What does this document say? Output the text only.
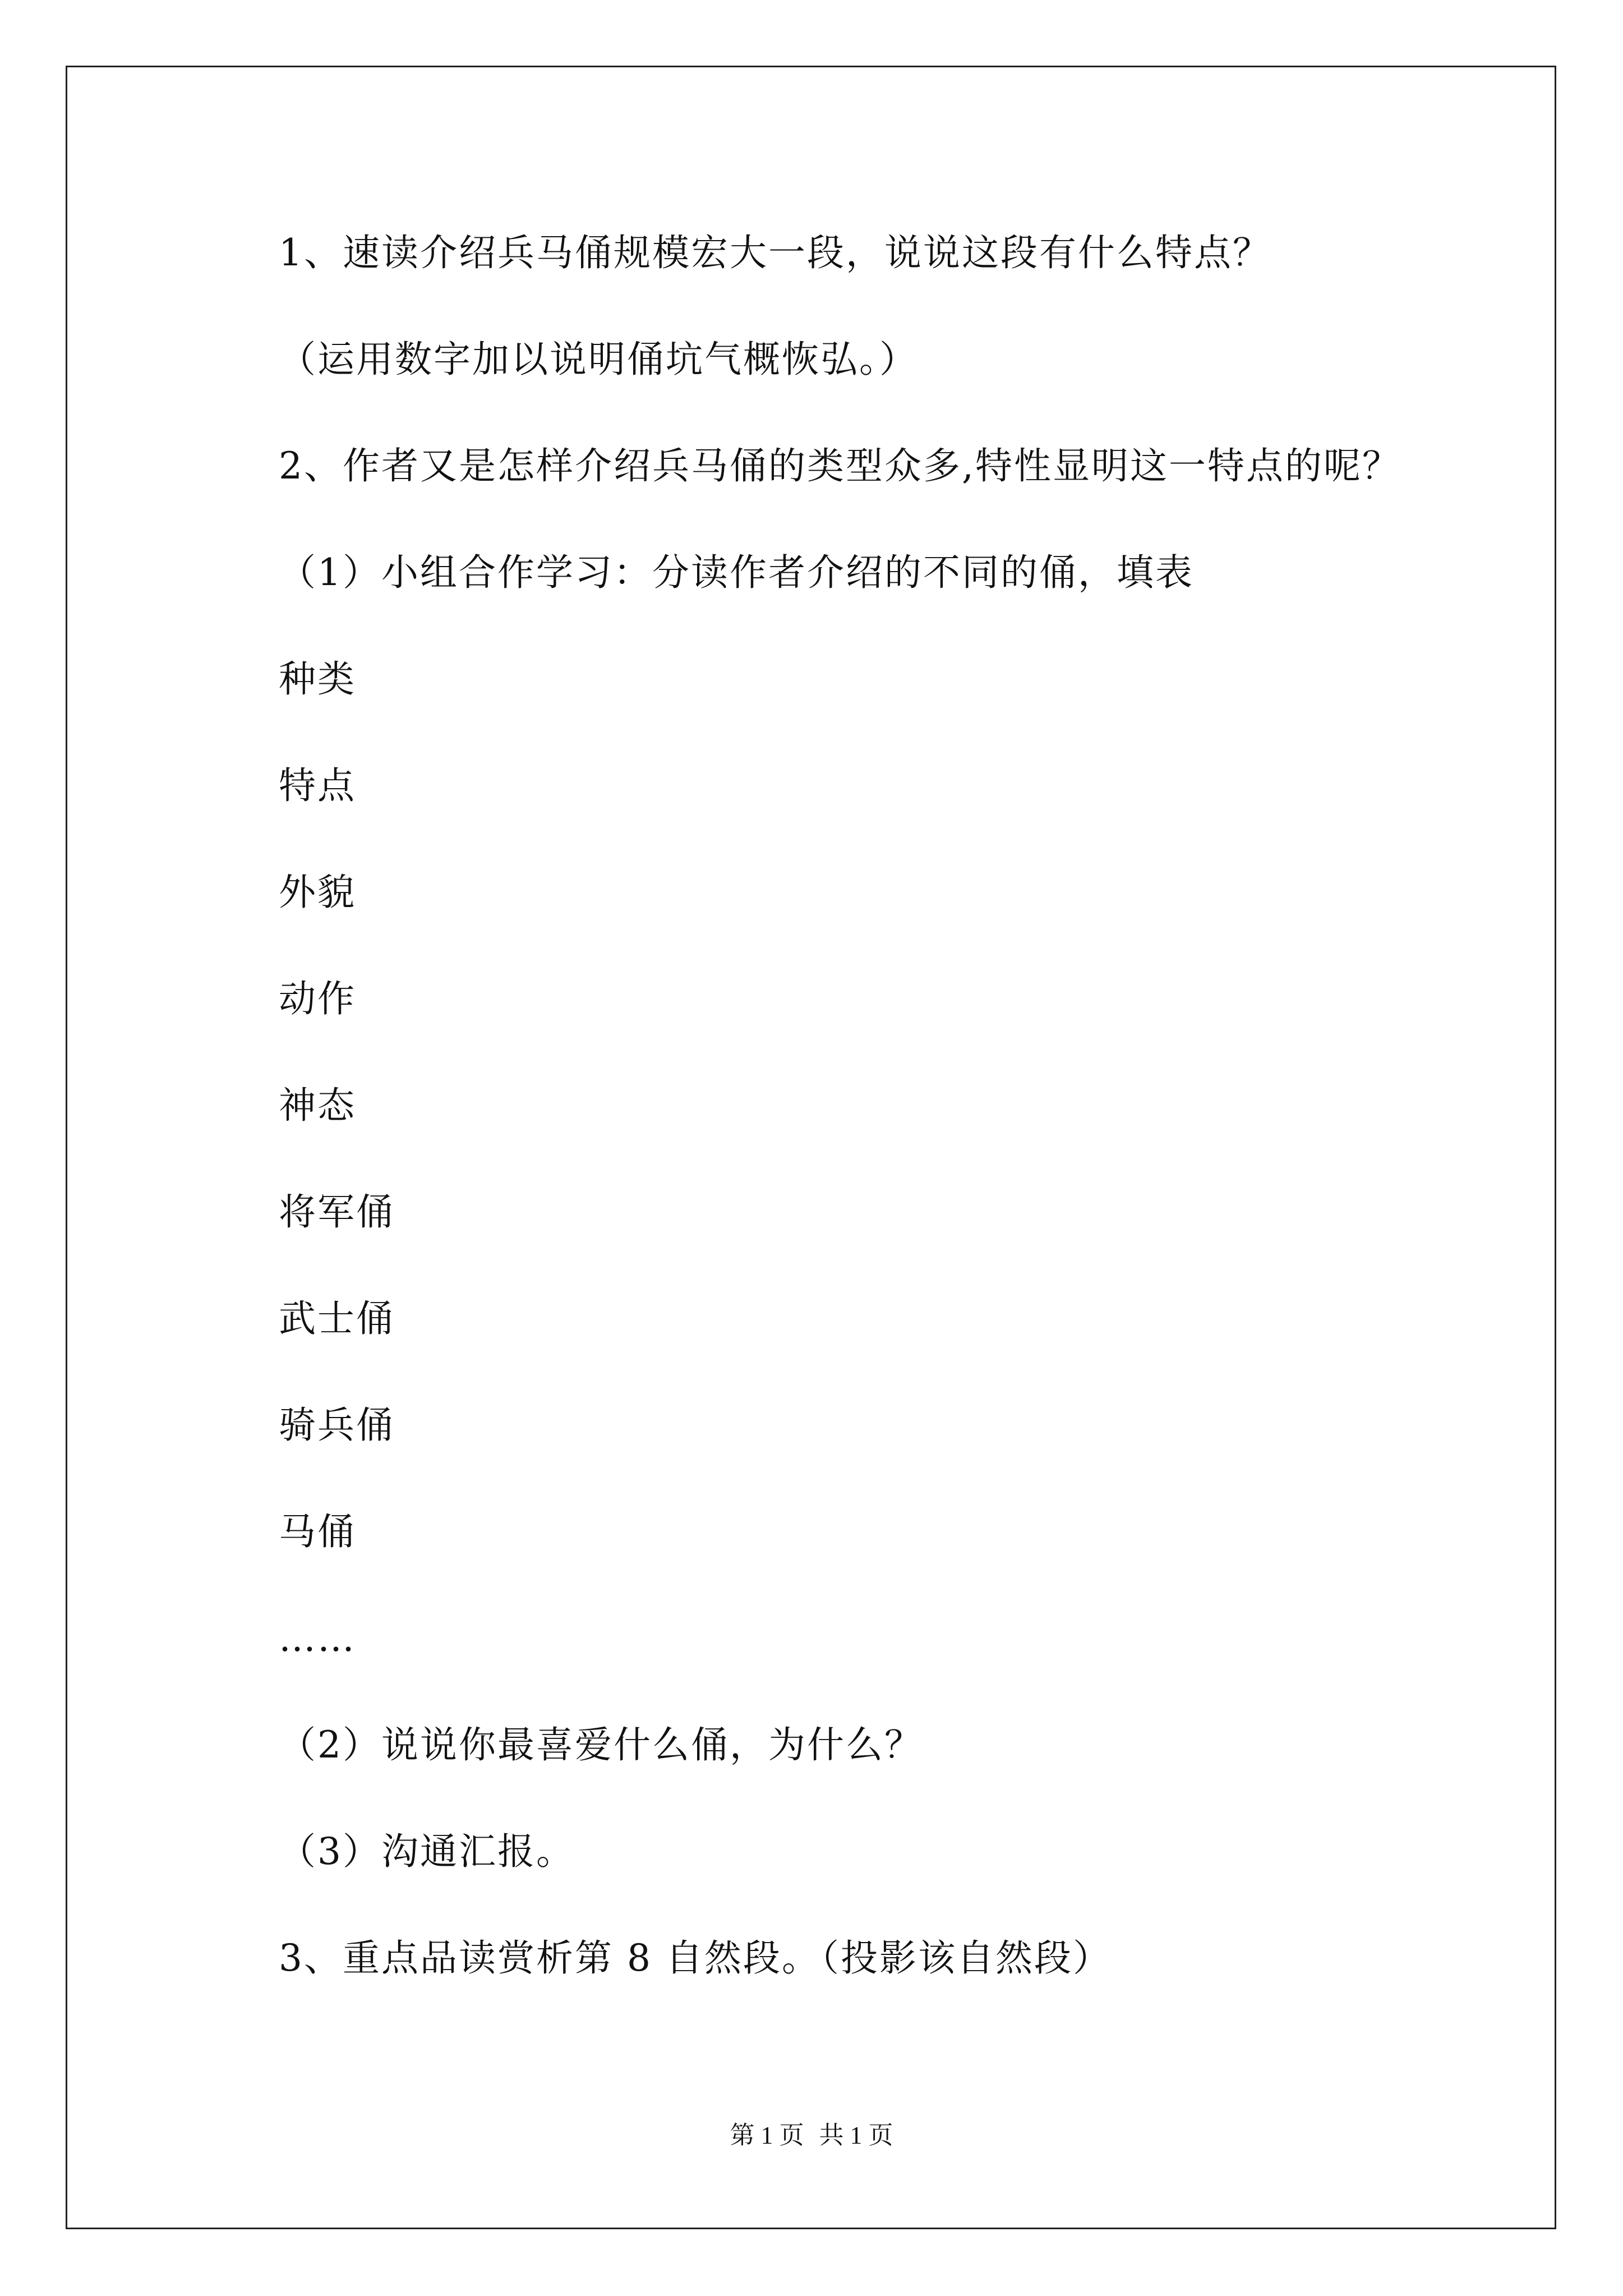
1、速读介绍兵马俑规模宏大一段，说说这段有什么特点？
（运用数字加以说明俑坑气概恢弘。）
2、作者又是怎样介绍兵马俑的类型众多,特性显明这一特点的呢？
（1）小组合作学习：分读作者介绍的不同的俑，填表
种类
特点
外貌
动作
神态
将军俑
武士俑
骑兵俑
马俑
……
（2）说说你最喜爱什么俑，为什么？
（3）沟通汇报。
3、重点品读赏析第 8 自然段。（投影该自然段）
第 1 页 共 1 页
